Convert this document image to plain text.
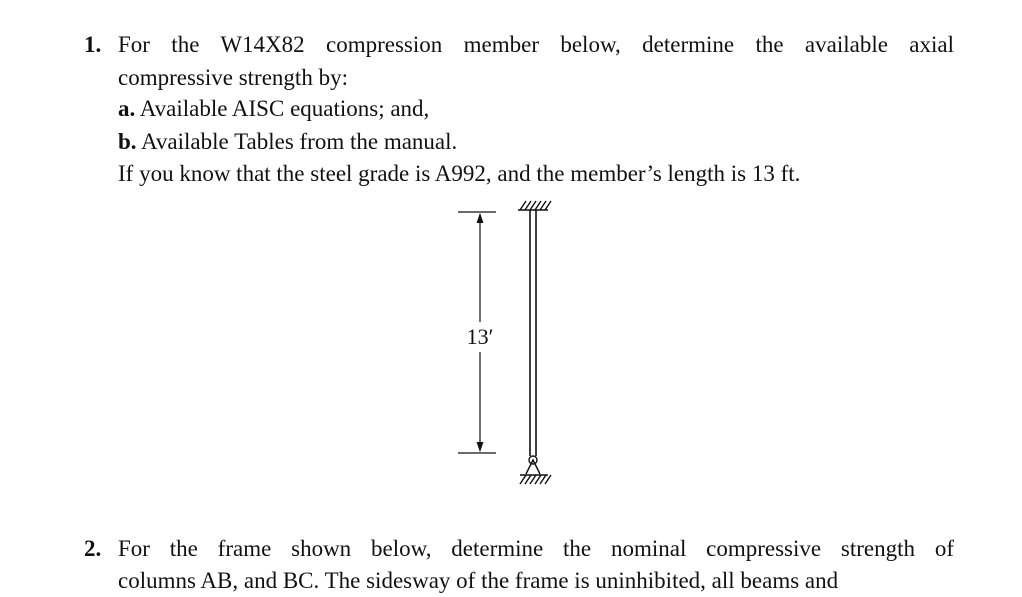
1. For the W14X82 compression member below, determine the available axial
compressive strength by:
a. Available AISC equations; and,
b. Available Tables from the manual.
If you know that the steel grade is A992, and the member’s length is 13 ft.
13′
2. For the frame shown below, determine the nominal compressive strength of
columns AB, and BC. The sidesway of the frame is uninhibited, all beams and
